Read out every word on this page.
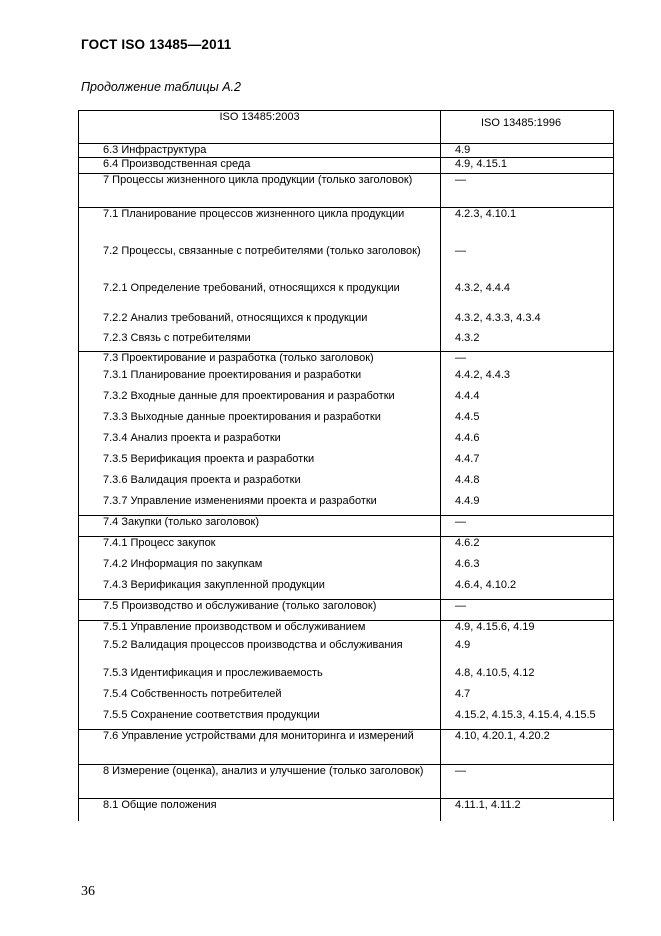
ГОСТ ISO 13485—2011
Продолжение таблицы А.2
ISO 13485:2003	ISO 13485:1996

6.3 Инфраструктура	4.9

6.4 Производственная среда	4.9, 4.15.1

7 Процессы жизненного цикла продукции (только заголовок)	—

7.1 Планирование процессов жизненного цикла продукции	4.2.3, 4.10.1

7.2 Процессы, связанные с потребителями (только заголовок)	—

7.2.1 Определение требований, относящихся к продукции	4.3.2, 4.4.4

7.2.2 Анализ требований, относящихся к продукции	4.3.2, 4.3.3, 4.3.4

7.2.3 Связь с потребителями	4.3.2

7.3 Проектирование и разработка (только заголовок)	—

7.3.1 Планирование проектирования и разработки	4.4.2, 4.4.3

7.3.2 Входные данные для проектирования и разработки	4.4.4

7.3.3 Выходные данные проектирования и разработки	4.4.5

7.3.4 Анализ проекта и разработки	4.4.6

7.3.5 Верификация проекта и разработки	4.4.7

7.3.6 Валидация проекта и разработки	4.4.8

7.3.7 Управление изменениями проекта и разработки	4.4.9

7.4 Закупки (только заголовок)	—

7.4.1 Процесс закупок	4.6.2

7.4.2 Информация по закупкам	4.6.3

7.4.3 Верификация закупленной продукции	4.6.4, 4.10.2

7.5 Производство и обслуживание (только заголовок)	—

7.5.1 Управление производством и обслуживанием	4.9, 4.15.6, 4.19

7.5.2 Валидация процессов производства и обслуживания	4.9

7.5.3 Идентификация и прослеживаемость	4.8, 4.10.5, 4.12

7.5.4 Собственность потребителей	4.7

7.5.5 Сохранение соответствия продукции	4.15.2, 4.15.3, 4.15.4, 4.15.5

7.6 Управление устройствами для мониторинга и измерений	4.10, 4.20.1, 4.20.2

8 Измерение (оценка), анализ и улучшение (только заголовок)	—

8.1 Общие положения	4.11.1, 4.11.2
36
